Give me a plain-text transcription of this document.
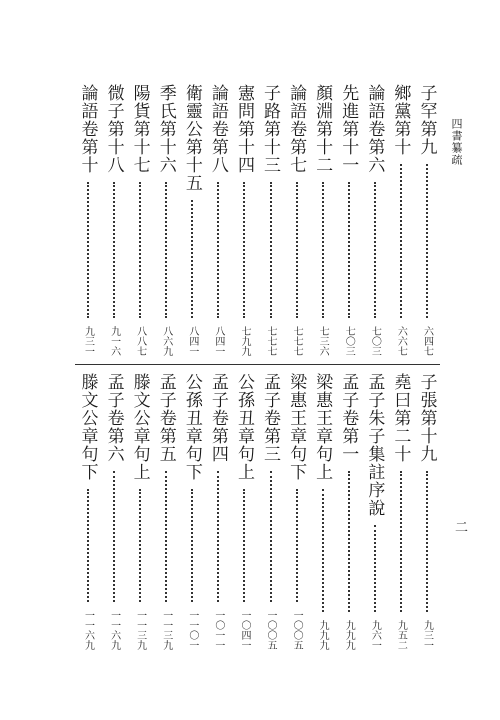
四書纂疏
二
子罕第九
六四七
鄉黨第十
六六七
論語卷第六
七〇三
先進第十一
七〇三
顏淵第十二
七三六
論語卷第七
七七七
子路第十三
七七七
憲問第十四
七九九
論語卷第八
八四一
衛靈公第十五
八四一
季氏第十六
八六九
陽貨第十七
八八七
微子第十八
九一六
論語卷第十
九三一
子張第十九
九三一
堯曰第二十
九五二
孟子朱子集註序說
九六一
孟子卷第一
九九九
梁惠王章句上
九九九
梁惠王章句下
一〇〇五
孟子卷第三
一〇〇五
公孫丑章句上
一〇四一
孟子卷第四
一〇一一
公孫丑章句下
一一〇一
孟子卷第五
一一三九
滕文公章句上
一一三九
孟子卷第六
一一六九
滕文公章句下
一一六九
